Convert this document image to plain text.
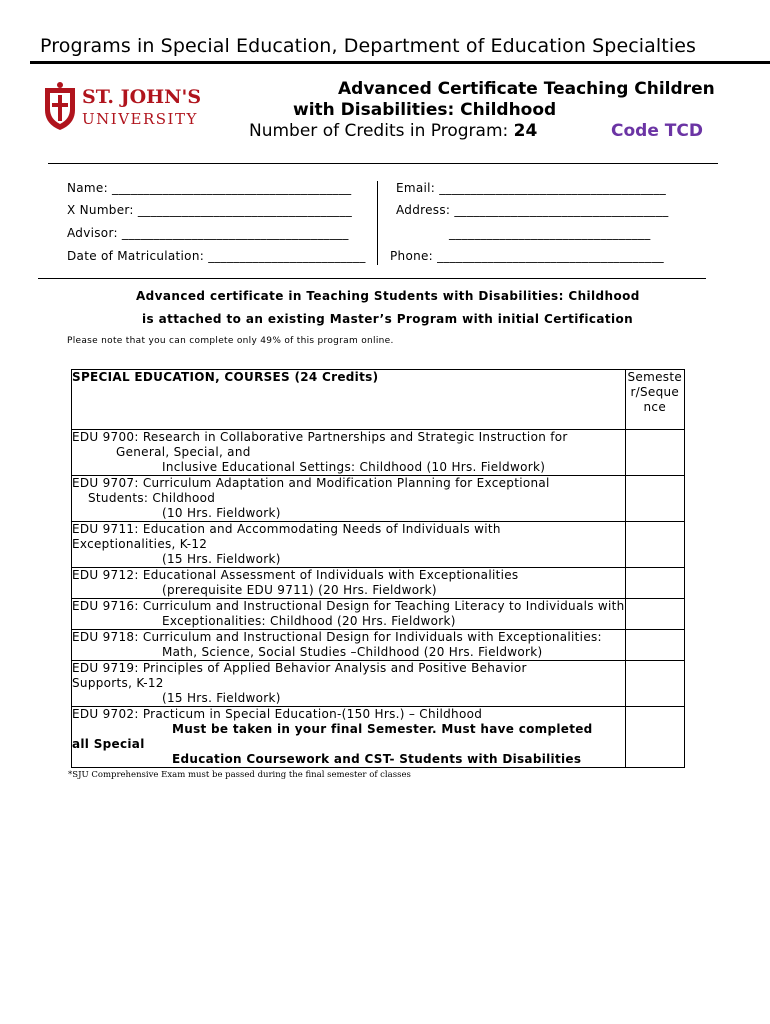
Programs in Special Education, Department of Education Specialties
ST. JOHN'S
UNIVERSITY
Advanced Certificate Teaching Children
with Disabilities: Childhood
Number of Credits in Program: 24	Code TCD
Name: ______________________________________	Email: ____________________________________
X Number: __________________________________	Address: __________________________________
Advisor: ____________________________________	________________________________
Date of Matriculation: _________________________ Phone: ____________________________________
Advanced certificate in Teaching Students with Disabilities: Childhood
is attached to an existing Master’s Program with initial Certification
Please note that you can complete only 49% of this program online.
SPECIAL EDUCATION, COURSES (24 Credits)	Semeste
r/Seque
nce

EDU 9700: Research in Collaborative Partnerships and Strategic Instruction for
General, Special, and
Inclusive Educational Settings: Childhood (10 Hrs. Fieldwork)	

EDU 9707: Curriculum Adaptation and Modification Planning for Exceptional
Students: Childhood
(10 Hrs. Fieldwork)	

EDU 9711: Education and Accommodating Needs of Individuals with
Exceptionalities, K-12
(15 Hrs. Fieldwork)	

EDU 9712: Educational Assessment of Individuals with Exceptionalities
(prerequisite EDU 9711) (20 Hrs. Fieldwork)	

EDU 9716: Curriculum and Instructional Design for Teaching Literacy to Individuals with
Exceptionalities: Childhood (20 Hrs. Fieldwork)	

EDU 9718: Curriculum and Instructional Design for Individuals with Exceptionalities:
Math, Science, Social Studies –Childhood (20 Hrs. Fieldwork)	

EDU 9719: Principles of Applied Behavior Analysis and Positive Behavior
Supports, K-12
(15 Hrs. Fieldwork)	

EDU 9702: Practicum in Special Education-(150 Hrs.) – Childhood
Must be taken in your final Semester. Must have completed
all Special
Education Coursework and CST- Students with Disabilities	

*SJU Comprehensive Exam must be passed during the final semester of classes
